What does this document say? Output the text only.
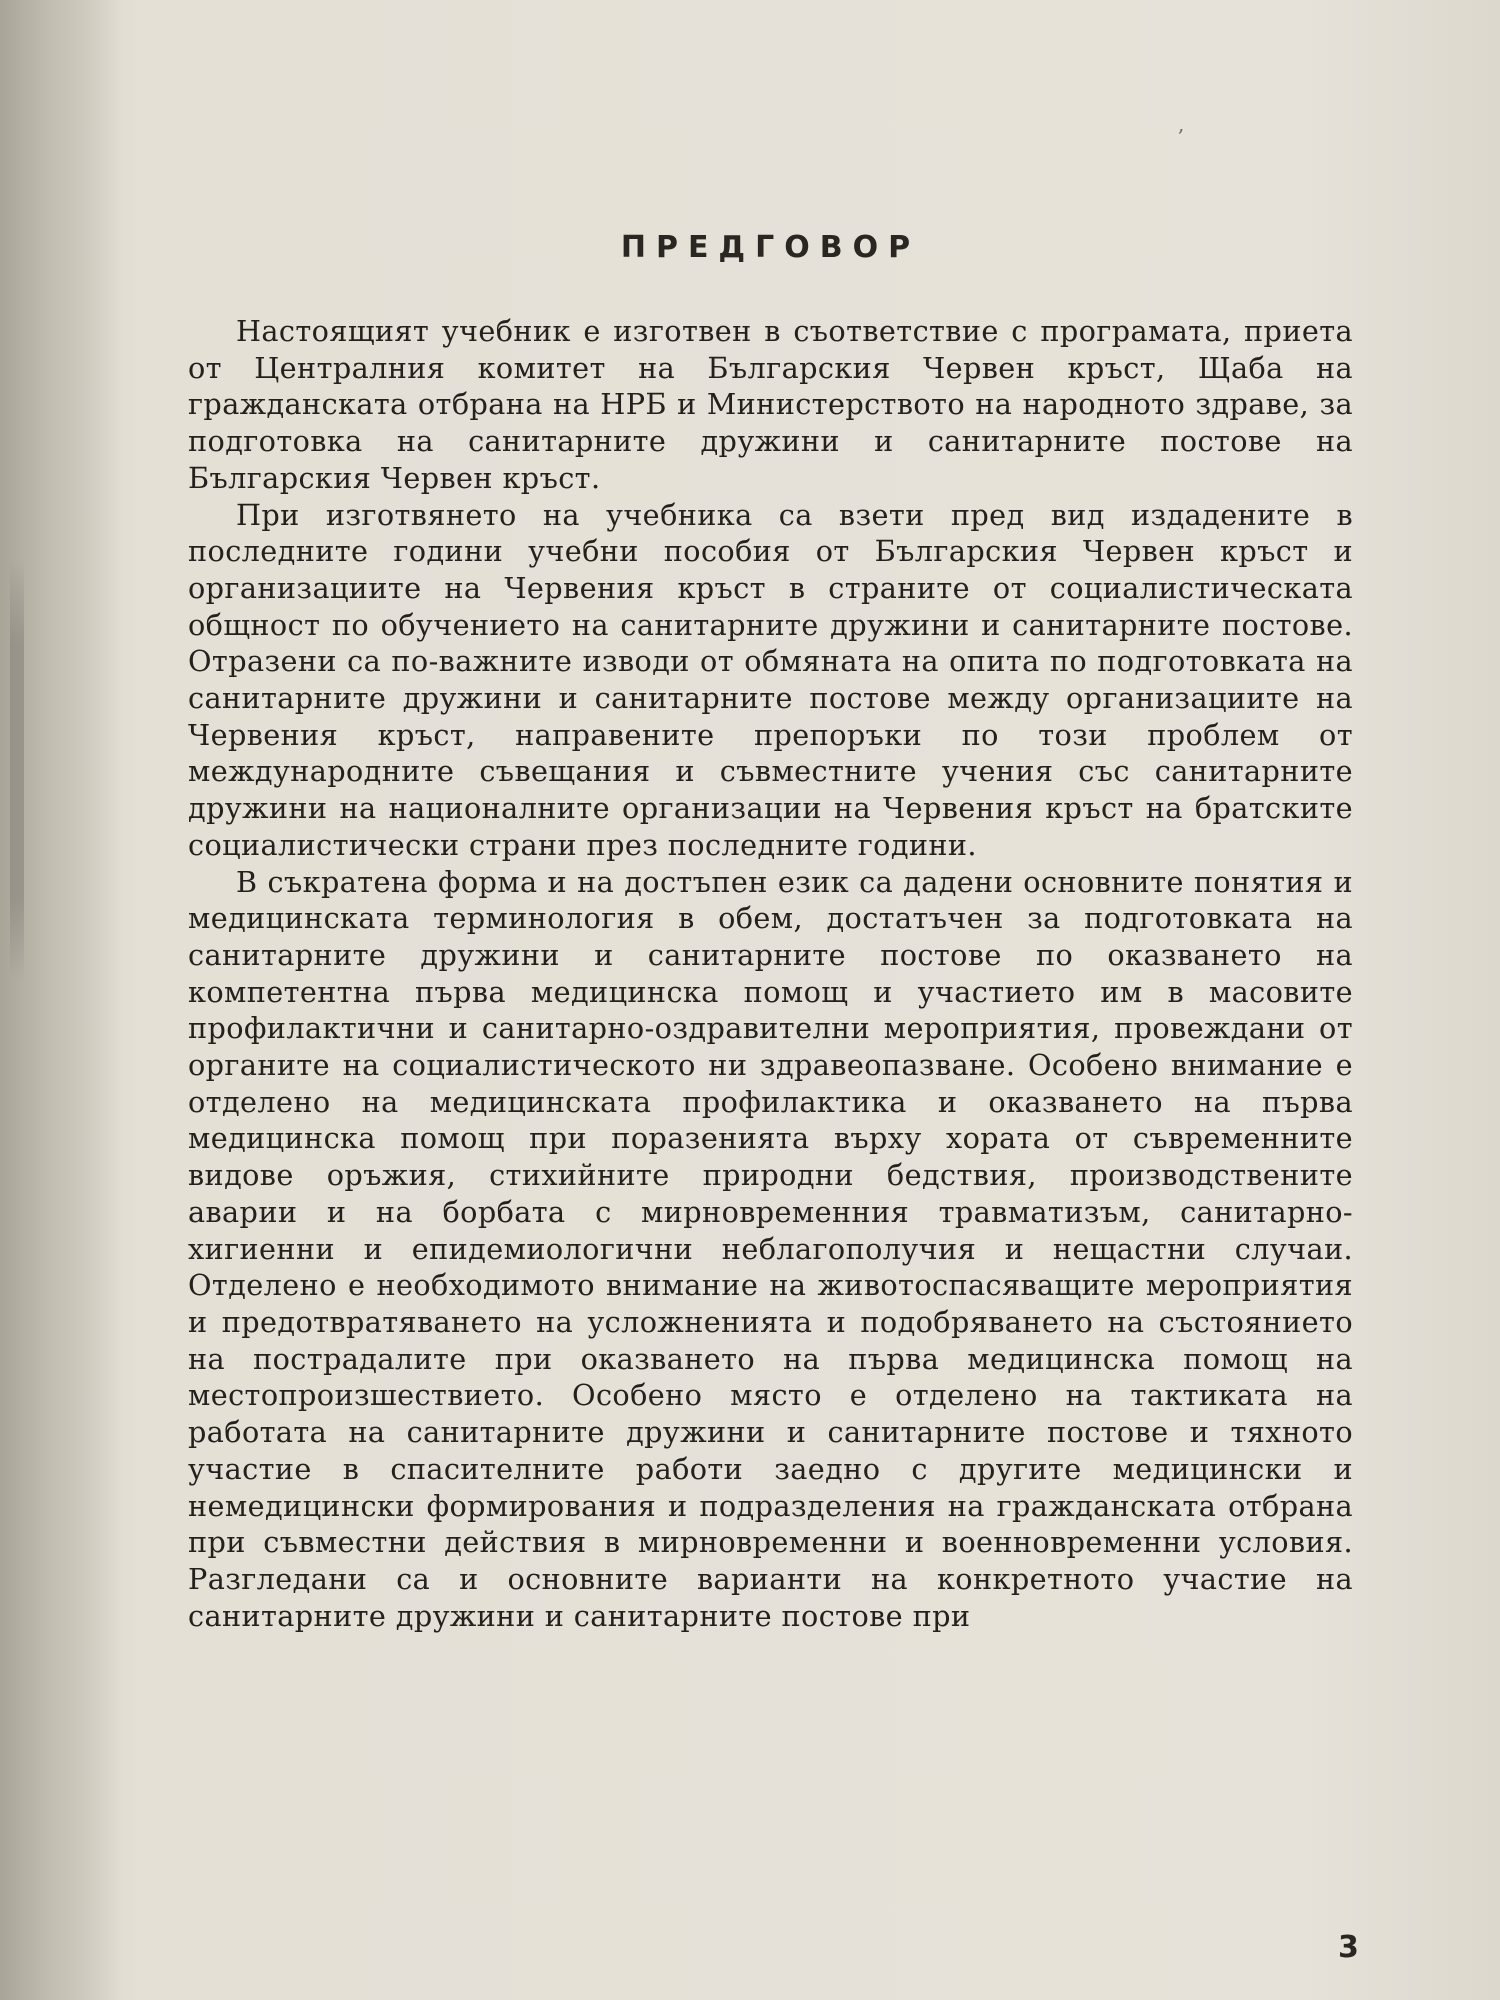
,
ПРЕДГОВОР

Настоящият учебник е изготвен в съответствие с програмата, приета от Централния комитет на Българския Червен кръст, Щаба на гражданската отбрана на НРБ и Министерството на народното здраве, за подготовка на санитарните дружини и санитарните постове на Българския Червен кръст.

При изготвянето на учебника са взети пред вид издадените в последните години учебни пособия от Българския Червен кръст и организациите на Червения кръст в страните от социалистическата общност по обучението на санитарните дружини и санитарните постове. Отразени са по-важните изводи от обмяната на опита по подготовката на санитарните дружини и санитарните постове между организациите на Червения кръст, направените препоръки по този проблем от международните съвещания и съвместните учения със санитарните дружини на националните организации на Червения кръст на братските социалистически страни през последните години.

В съкратена форма и на достъпен език са дадени основните понятия и медицинската терминология в обем, достатъчен за подготовката на санитарните дружини и санитарните постове по оказването на компетентна първа медицинска помощ и участието им в масовите профилактични и санитарно-оздравителни мероприятия, провеждани от органите на социалистическото ни здравеопазване. Особено внимание е отделено на медицинската профилактика и оказването на първа медицинска помощ при поразенията върху хората от съвременните видове оръжия, стихийните природни бедствия, производствените аварии и на борбата с мирновременния травматизъм, санитарно-хигиенни и епидемиологични неблагополучия и нещастни случаи. Отделено е необходимото внимание на животоспасяващите мероприятия и предотвратяването на усложненията и подобряването на състоянието на пострадалите при оказването на първа медицинска помощ на местопроизшествието. Особено място е отделено на тактиката на работата на санитарните дружини и санитарните постове и тяхното участие в спасителните работи заедно с другите медицински и немедицински формирования и подразделения на гражданската отбрана при съвместни действия в мирновременни и военновременни условия. Разгледани са и основните варианти на конкретното участие на санитарните дружини и санитарните постове при

3
